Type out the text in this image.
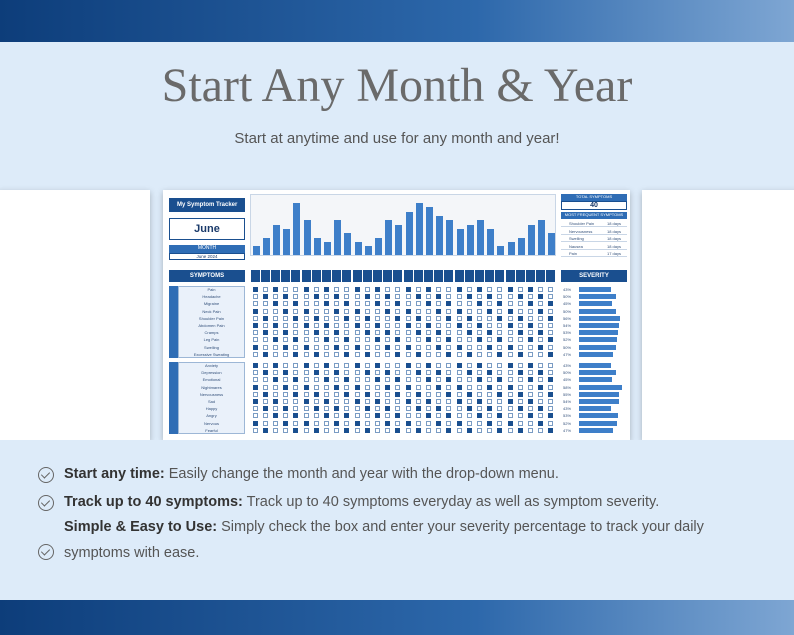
Start Any Month & Year
Start at anytime and use for any month and year!
My Symptom Tracker
June
MONTH
June 2024
TOTAL SYMPTOMS
40
MOST FREQUENT SYMPTOMS
Shoulder Pain	18 days
Nervousness	18 days
Swelling	18 days
Nausea	18 days
Pain	17 days
SYMPTOMS	SEVERITY
Pain	43%
Headache	50%
Migraine	45%
Neck Pain	50%
Shoulder Pain	56%
Abdomen Pain	54%
Cramps	53%
Leg Pain	52%
Swelling	50%
Excessive Sweating	47%
Anxiety	43%
Depression	50%
Emotional	45%
Nightmares	58%
Nervousness	55%
Sad	54%
Happy	43%
Angry	53%
Nervous	52%
Fearful	47%
Start any time: Easily change the month and year with the drop-down menu.
Track up to 40 symptoms: Track up to 40 symptoms everyday as well as symptom severity.
Simple & Easy to Use: Simply check the box and enter your severity percentage to track your daily
symptoms with ease.
